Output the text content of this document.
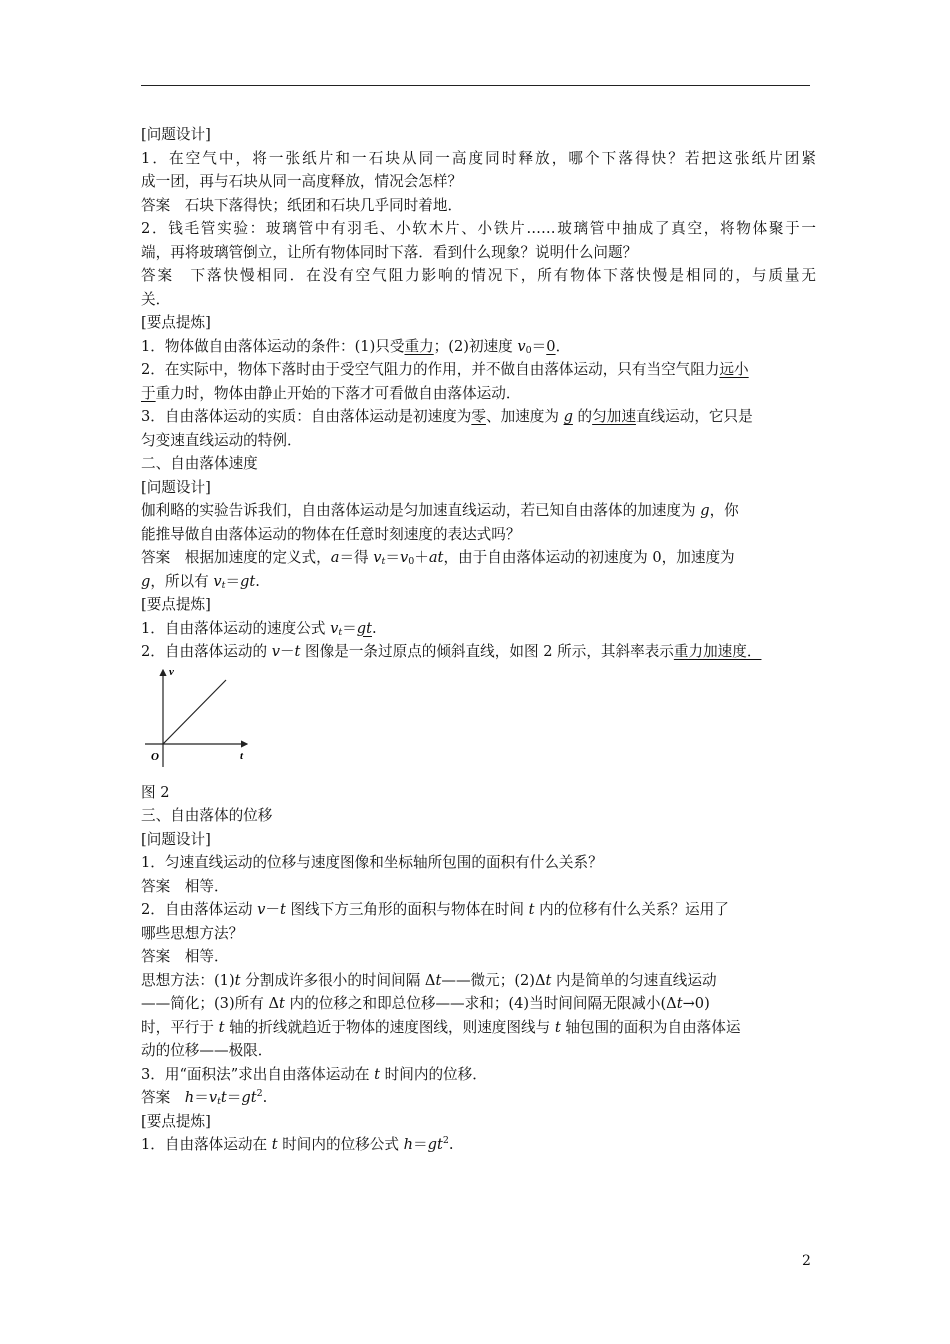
[问题设计]
1．在空气中，将一张纸片和一石块从同一高度同时释放，哪个下落得快？若把这张纸片团紧
成一团，再与石块从同一高度释放，情况会怎样？
答案　石块下落得快；纸团和石块几乎同时着地．
2．钱毛管实验：玻璃管中有羽毛、小软木片、小铁片……玻璃管中抽成了真空，将物体聚于一
端，再将玻璃管倒立，让所有物体同时下落．看到什么现象？说明什么问题？
答案　下落快慢相同．在没有空气阻力影响的情况下，所有物体下落快慢是相同的，与质量无
关．
[要点提炼]
1．物体做自由落体运动的条件：(1)只受重力；(2)初速度 $v_0=0$．
2．在实际中，物体下落时由于受空气阻力的作用，并不做自由落体运动，只有当空气阻力远小
于重力时，物体由静止开始的下落才可看做自由落体运动．
3．自由落体运动的实质：自由落体运动是初速度为零、加速度为 g 的匀加速直线运动，它只是
匀变速直线运动的特例．
二、自由落体速度
[问题设计]
伽利略的实验告诉我们，自由落体运动是匀加速直线运动，若已知自由落体的加速度为 g，你
能推导做自由落体运动的物体在任意时刻速度的表达式吗？
答案　根据加速度的定义式，a＝得 $v_t=v_0+at$，由于自由落体运动的初速度为 0，加速度为
g，所以有 $v_t=gt$.
[要点提炼]
1．自由落体运动的速度公式 $v_t=gt$.
2．自由落体运动的 v－t 图像是一条过原点的倾斜直线，如图 2 所示，其斜率表示重力加速度．
v
O	t
图 2
三、自由落体的位移
[问题设计]
1．匀速直线运动的位移与速度图像和坐标轴所包围的面积有什么关系？
答案　相等．
2．自由落体运动 v－t 图线下方三角形的面积与物体在时间 t 内的位移有什么关系？运用了
哪些思想方法？
答案　相等．
思想方法：(1)t 分割成许多很小的时间间隔 Δt——微元；(2)Δt 内是简单的匀速直线运动
——简化；(3)所有 Δt 内的位移之和即总位移——求和；(4)当时间间隔无限减小(Δt→0)
时，平行于 t 轴的折线就趋近于物体的速度图线，则速度图线与 t 轴包围的面积为自由落体运
动的位移——极限．
3．用“面积法”求出自由落体运动在 t 时间内的位移．
答案　$h=v_tt=gt^2$.
[要点提炼]
1．自由落体运动在 t 时间内的位移公式 $h=gt^2$.
2
